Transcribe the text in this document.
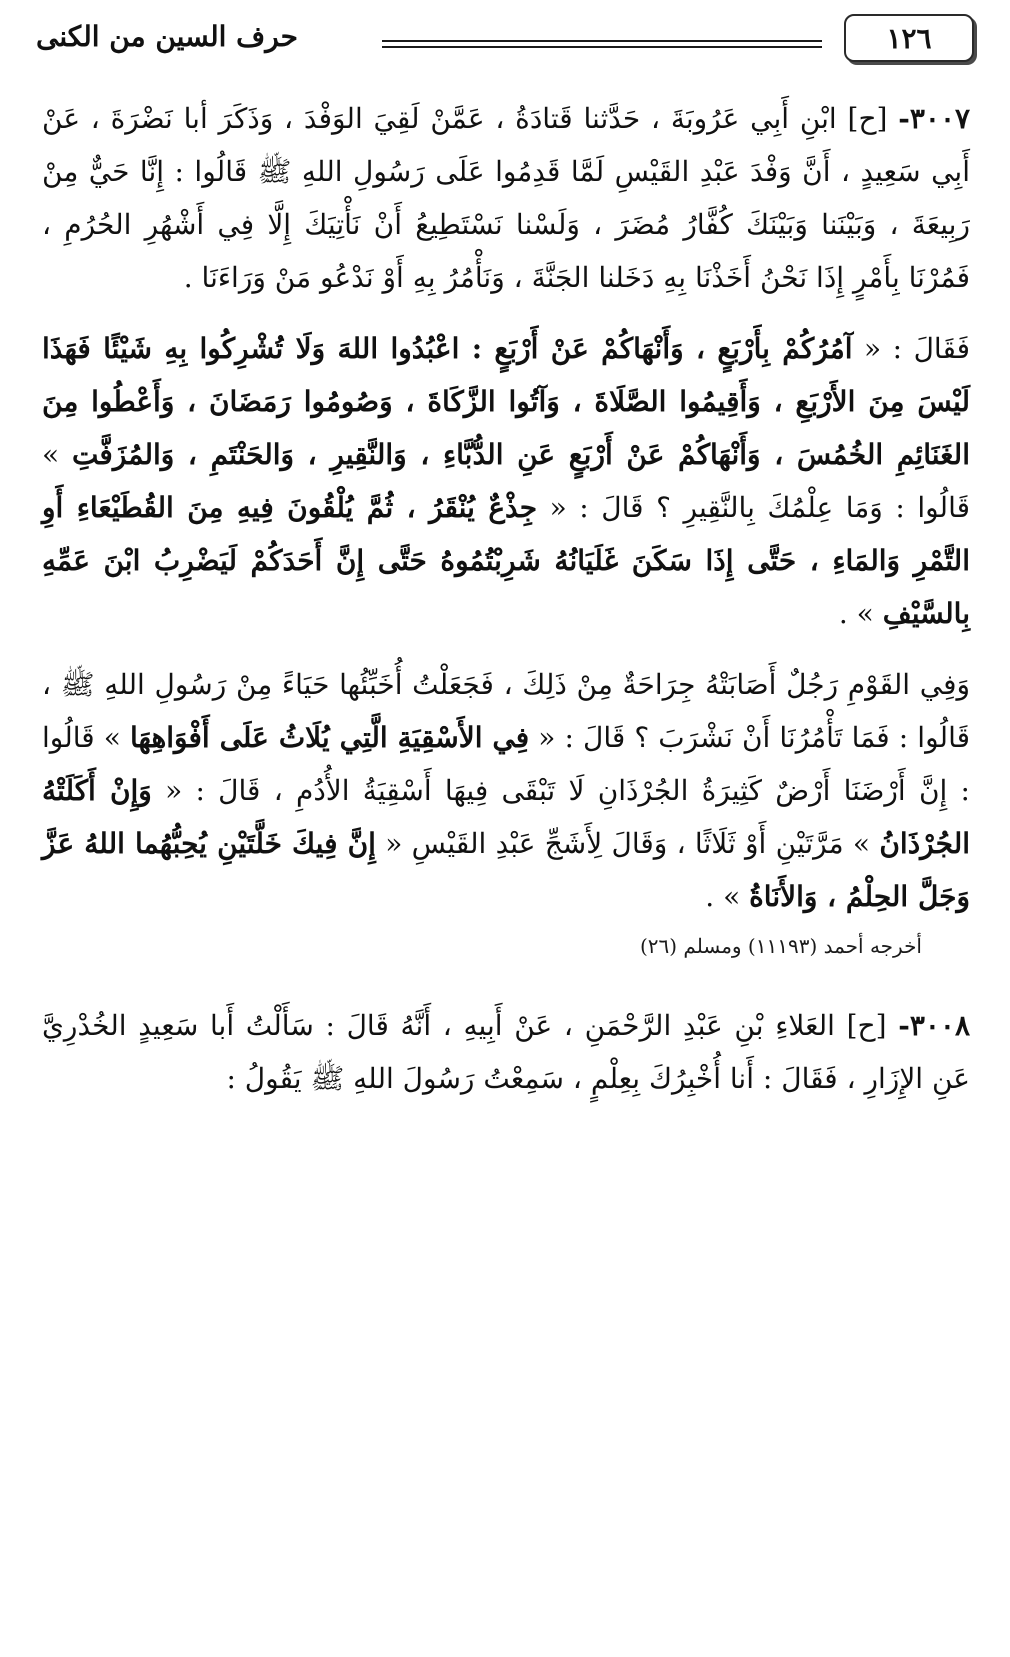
١٢٦
حرف السين من الكنى

٣٠٠٧- [ح] ابْنِ أَبِي عَرُوبَةَ ، حَدَّثنا قَتادَةُ ، عَمَّنْ لَقِيَ الوَفْدَ ، وَذَكَرَ أبا نَضْرَةَ ، عَنْ أَبِي سَعِيدٍ ، أَنَّ وَفْدَ عَبْدِ القَيْسِ لَمَّا قَدِمُوا عَلَى رَسُولِ اللهِ ﷺ قَالُوا : إِنَّا حَيٌّ مِنْ رَبِيعَةَ ، وَبَيْنَنا وَبَيْنَكَ كُفَّارُ مُضَرَ ، وَلَسْنا نَسْتَطِيعُ أَنْ نَأْتِيَكَ إِلَّا فِي أَشْهُرِ الحُرُمِ ، فَمُرْنَا بِأَمْرٍ إِذَا نَحْنُ أَخَذْنَا بِهِ دَخَلنا الجَنَّةَ ، وَنَأْمُرُ بِهِ أَوْ نَدْعُو مَنْ وَرَاءَنَا .

فَقَالَ : « آمُرُكُمْ بِأَرْبَعٍ ، وَأَنْهَاكُمْ عَنْ أَرْبَعٍ : اعْبُدُوا اللهَ وَلَا تُشْرِكُوا بِهِ شَيْئًا فَهَذَا لَيْسَ مِنَ الأَرْبَعِ ، وَأَقِيمُوا الصَّلَاةَ ، وَآتُوا الزَّكَاةَ ، وَصُومُوا رَمَضَانَ ، وَأَعْطُوا مِنَ الغَنَائِمِ الخُمُسَ ، وَأَنْهَاكُمْ عَنْ أَرْبَعٍ عَنِ الدُّبَّاءِ ، وَالنَّقِيرِ ، وَالحَنْتَمِ ، وَالمُزَفَّتِ » قَالُوا : وَمَا عِلْمُكَ بِالنَّقِيرِ ؟ قَالَ : « جِذْعٌ يُنْقَرُ ، ثُمَّ يُلْقُونَ فِيهِ مِنَ القُطَيْعَاءِ أَوِ التَّمْرِ وَالمَاءِ ، حَتَّى إِذَا سَكَنَ غَلَيَانُهُ شَرِبْتُمُوهُ حَتَّى إِنَّ أَحَدَكُمْ لَيَضْرِبُ ابْنَ عَمِّهِ بِالسَّيْفِ » .

وَفِي القَوْمِ رَجُلٌ أَصَابَتْهُ جِرَاحَةٌ مِنْ ذَلِكَ ، فَجَعَلْتُ أُخَبِّئُها حَيَاءً مِنْ رَسُولِ اللهِ ﷺ ، قَالُوا : فَمَا تَأْمُرُنَا أَنْ نَشْرَبَ ؟ قَالَ : « فِي الأَسْقِيَةِ الَّتِي يُلَاثُ عَلَى أَفْوَاهِهَا » قَالُوا : إِنَّ أَرْضَنَا أَرْضٌ كَثِيرَةُ الجُرْذَانِ لَا تَبْقَى فِيهَا أَسْقِيَةُ الأُدُمِ ، قَالَ : « وَإِنْ أَكَلَتْهُ الجُرْذَانُ » مَرَّتَيْنِ أَوْ ثَلَاثًا ، وَقَالَ لِأَشَجِّ عَبْدِ القَيْسِ « إِنَّ فِيكَ خَلَّتَيْنِ يُحِبُّهُما اللهُ عَزَّ وَجَلَّ الحِلْمُ ، وَالأَنَاةُ » .

أخرجه أحمد (١١١٩٣) ومسلم (٢٦)

٣٠٠٨- [ح] العَلاءِ بْنِ عَبْدِ الرَّحْمَنِ ، عَنْ أَبِيهِ ، أَنَّهُ قَالَ : سَأَلْتُ أَبا سَعِيدٍ الخُدْرِيَّ عَنِ الإِزَارِ ، فَقَالَ : أَنا أُخْبِرُكَ بِعِلْمٍ ، سَمِعْتُ رَسُولَ اللهِ ﷺ يَقُولُ :
